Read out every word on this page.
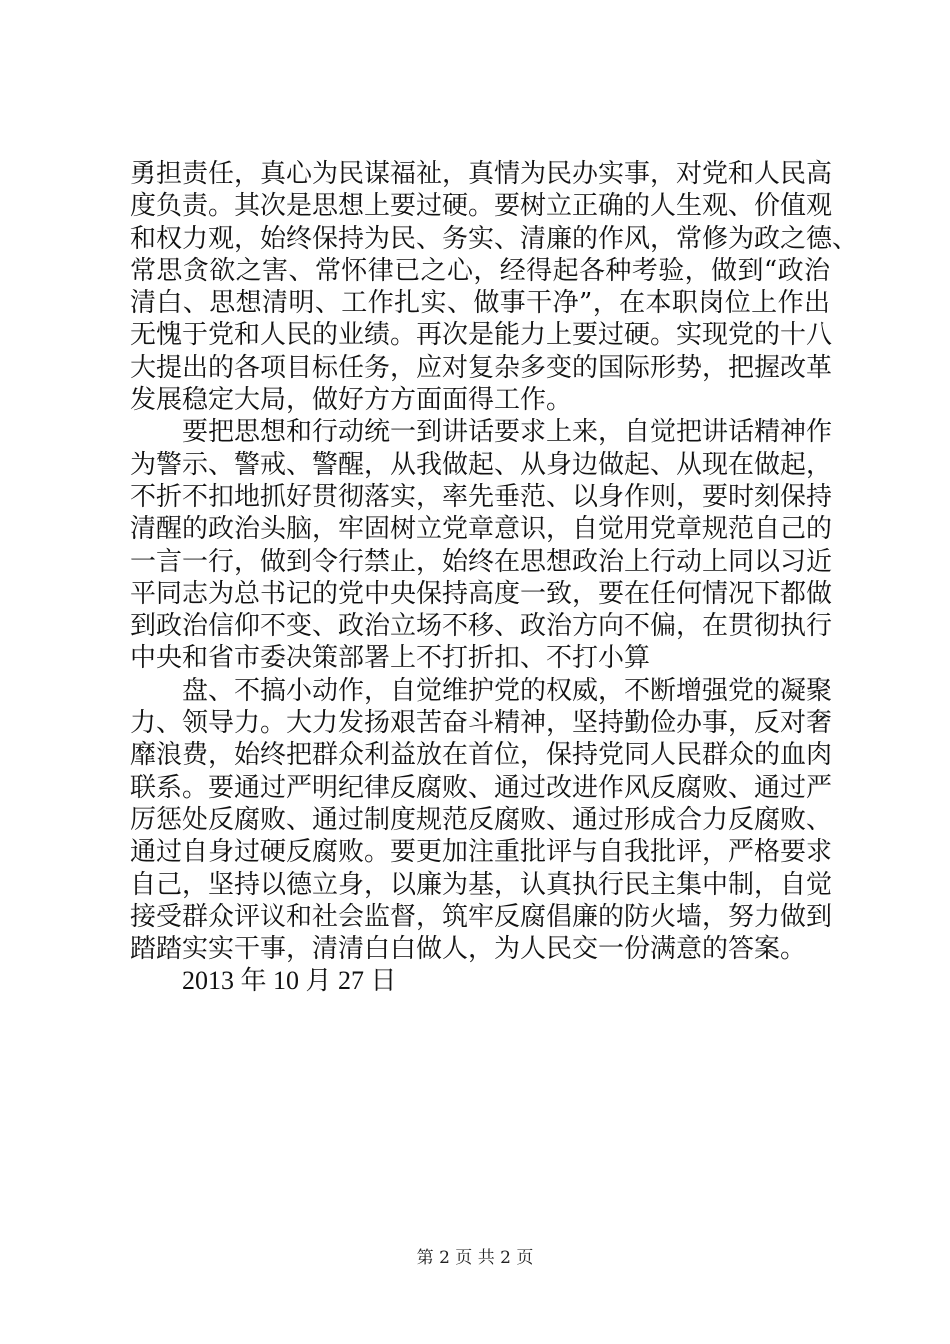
勇担责任，真心为民谋福祉，真情为民办实事，对党和人民高
度负责。其次是思想上要过硬。要树立正确的人生观、价值观
和权力观，始终保持为民、务实、清廉的作风，常修为政之德、
常思贪欲之害、常怀律已之心，经得起各种考验，做到“政治
清白、思想清明、工作扎实、做事干净”，在本职岗位上作出
无愧于党和人民的业绩。再次是能力上要过硬。实现党的十八
大提出的各项目标任务，应对复杂多变的国际形势，把握改革
发展稳定大局，做好方方面面得工作。
要把思想和行动统一到讲话要求上来，自觉把讲话精神作
为警示、警戒、警醒，从我做起、从身边做起、从现在做起，
不折不扣地抓好贯彻落实，率先垂范、以身作则，要时刻保持
清醒的政治头脑，牢固树立党章意识，自觉用党章规范自己的
一言一行，做到令行禁止，始终在思想政治上行动上同以习近
平同志为总书记的党中央保持高度一致，要在任何情况下都做
到政治信仰不变、政治立场不移、政治方向不偏，在贯彻执行
中央和省市委决策部署上不打折扣、不打小算
盘、不搞小动作，自觉维护党的权威，不断增强党的凝聚
力、领导力。大力发扬艰苦奋斗精神，坚持勤俭办事，反对奢
靡浪费，始终把群众利益放在首位，保持党同人民群众的血肉
联系。要通过严明纪律反腐败、通过改进作风反腐败、通过严
厉惩处反腐败、通过制度规范反腐败、通过形成合力反腐败、
通过自身过硬反腐败。要更加注重批评与自我批评，严格要求
自己，坚持以德立身，以廉为基，认真执行民主集中制，自觉
接受群众评议和社会监督，筑牢反腐倡廉的防火墙，努力做到
踏踏实实干事，清清白白做人，为人民交一份满意的答案。
2013 年 10 月 27 日
第 2 页 共 2 页
